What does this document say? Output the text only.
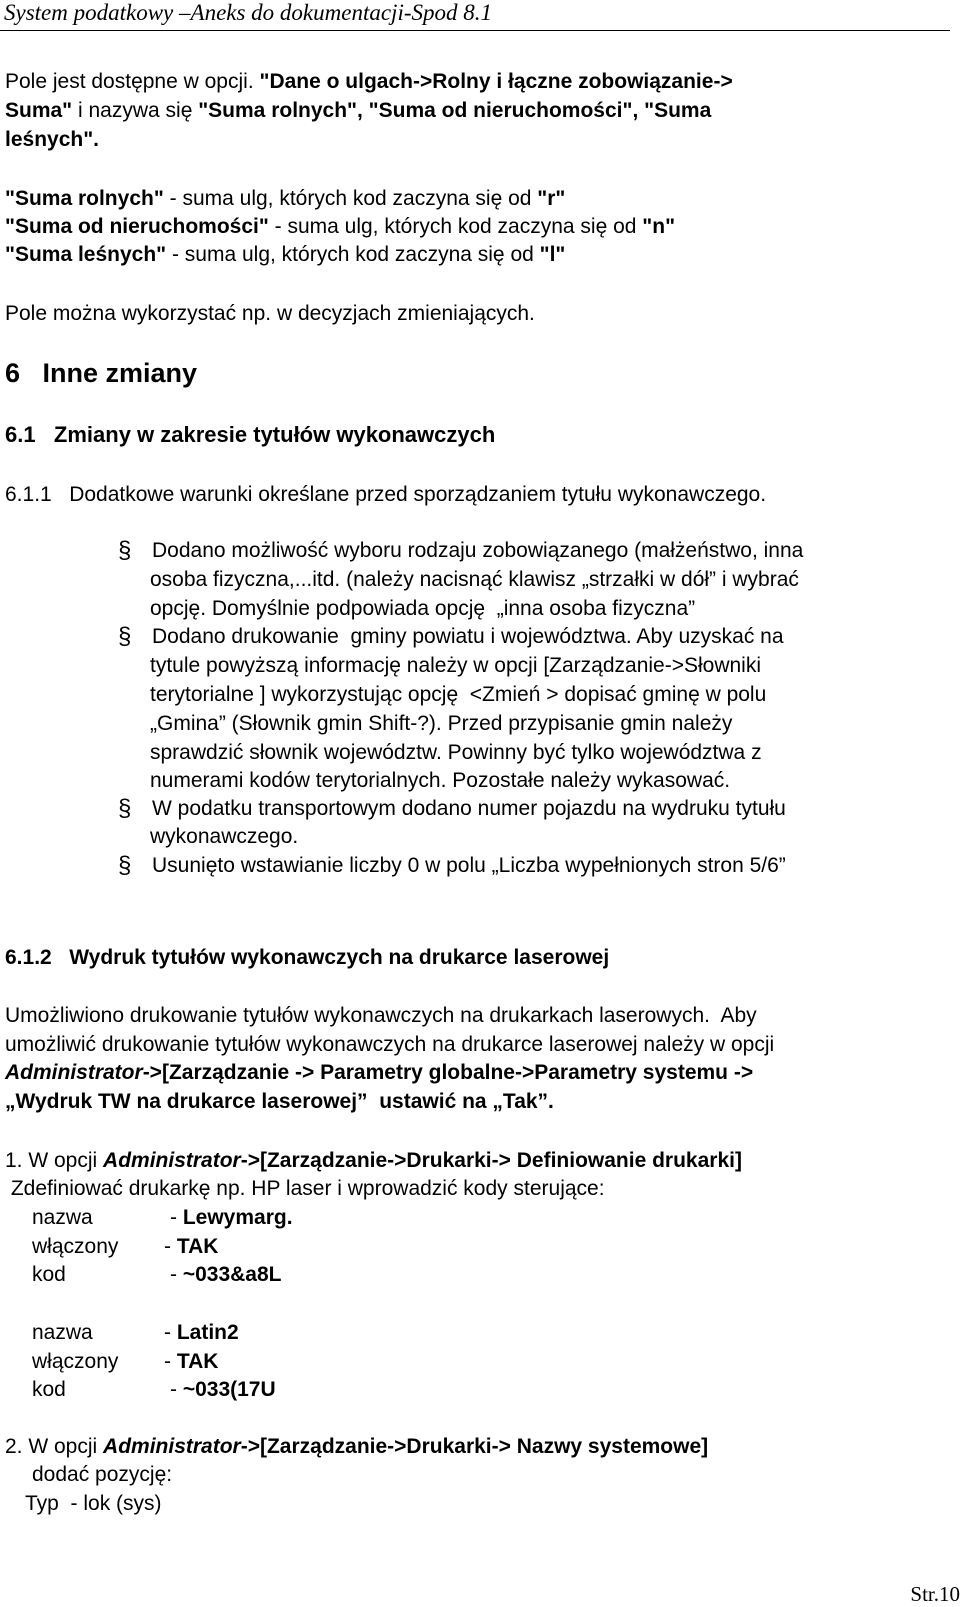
System podatkowy –Aneks do dokumentacji-Spod 8.1
Pole jest dostępne w opcji. "Dane o ulgach->Rolny i łączne zobowiązanie->
Suma" i nazywa się "Suma rolnych", "Suma od nieruchomości", "Suma
leśnych".
"Suma rolnych" - suma ulg, których kod zaczyna się od "r"
"Suma od nieruchomości" - suma ulg, których kod zaczyna się od "n"
"Suma leśnych" - suma ulg, których kod zaczyna się od "l"
Pole można wykorzystać np. w decyzjach zmieniających.
6   Inne zmiany
6.1   Zmiany w zakresie tytułów wykonawczych
6.1.1   Dodatkowe warunki określane przed sporządzaniem tytułu wykonawczego.
§ Dodano możliwość wyboru rodzaju zobowiązanego (małżeństwo, inna
osoba fizyczna,...itd. (należy nacisnąć klawisz „strzałki w dół” i wybrać
opcję. Domyślnie podpowiada opcję  „inna osoba fizyczna”
§ Dodano drukowanie  gminy powiatu i województwa. Aby uzyskać na
tytule powyższą informację należy w opcji [Zarządzanie->Słowniki
terytorialne ] wykorzystując opcję  <Zmień > dopisać gminę w polu
„Gmina” (Słownik gmin Shift-?). Przed przypisanie gmin należy
sprawdzić słownik województw. Powinny być tylko województwa z
numerami kodów terytorialnych. Pozostałe należy wykasować.
§ W podatku transportowym dodano numer pojazdu na wydruku tytułu
wykonawczego.
§ Usunięto wstawianie liczby 0 w polu „Liczba wypełnionych stron 5/6”
6.1.2   Wydruk tytułów wykonawczych na drukarce laserowej
Umożliwiono drukowanie tytułów wykonawczych na drukarkach laserowych.  Aby
umożliwić drukowanie tytułów wykonawczych na drukarce laserowej należy w opcji
Administrator->[Zarządzanie -> Parametry globalne->Parametry systemu ->
„Wydruk TW na drukarce laserowej”  ustawić na „Tak”.
1. W opcji Administrator->[Zarządzanie->Drukarki-> Definiowanie drukarki]
Zdefiniować drukarkę np. HP laser i wprowadzić kody sterujące:
nazwa	- Lewymarg.
włączony - TAK
kod	- ~033&a8L
nazwa	- Latin2
włączony - TAK
kod	- ~033(17U
2. W opcji Administrator->[Zarządzanie->Drukarki-> Nazwy systemowe]
dodać pozycję:
Typ  - lok (sys)
Str.10
